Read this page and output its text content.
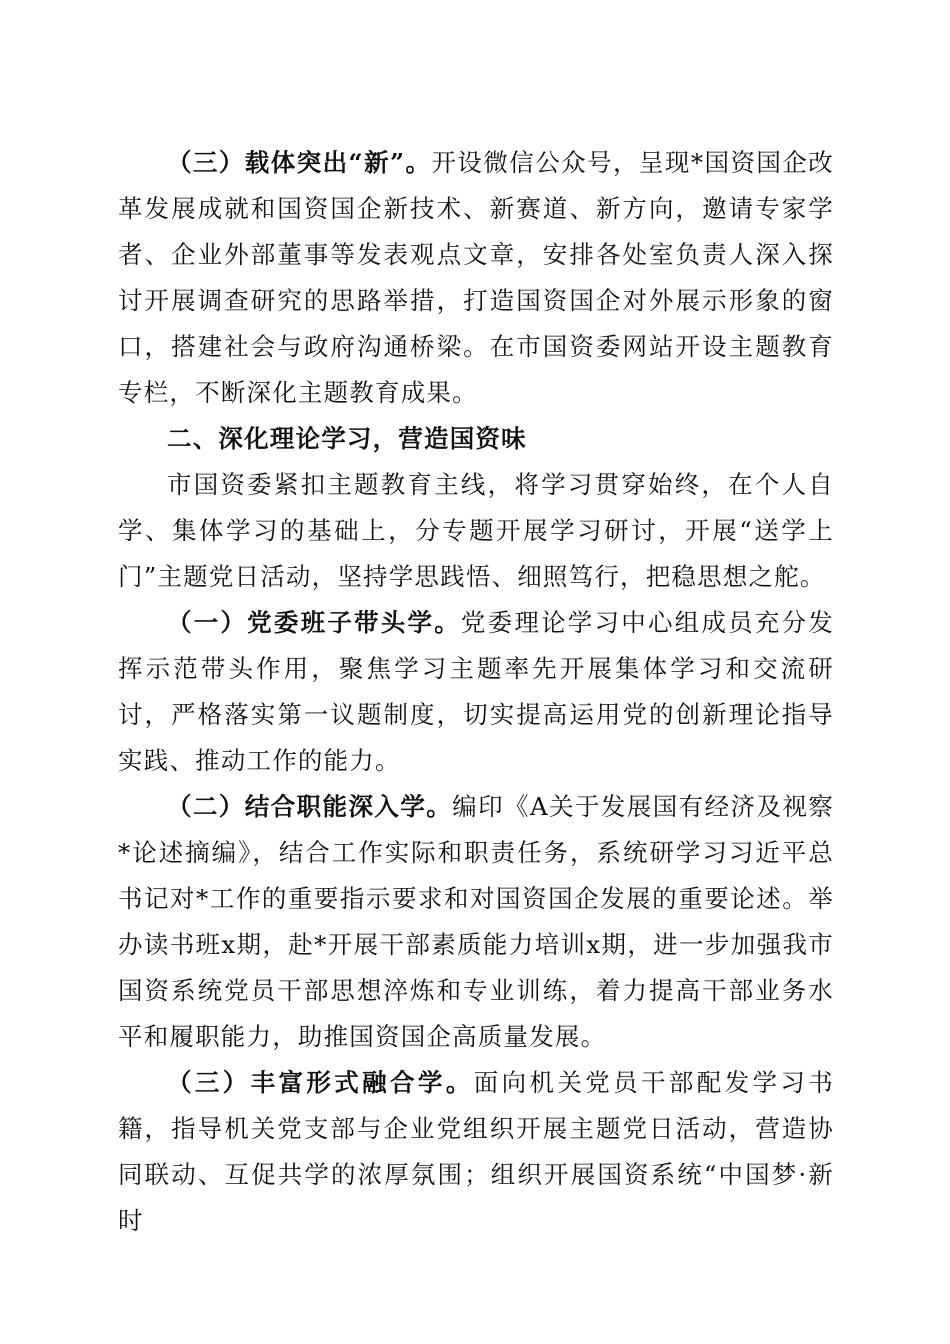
（三）载体突出“新”。开设微信公众号，呈现*国资国企改革发展成就和国资国企新技术、新赛道、新方向，邀请专家学者、企业外部董事等发表观点文章，安排各处室负责人深入探讨开展调查研究的思路举措，打造国资国企对外展示形象的窗口，搭建社会与政府沟通桥梁。在市国资委网站开设主题教育专栏，不断深化主题教育成果。

二、深化理论学习，营造国资味

市国资委紧扣主题教育主线，将学习贯穿始终，在个人自学、集体学习的基础上，分专题开展学习研讨，开展“送学上门”主题党日活动，坚持学思践悟、细照笃行，把稳思想之舵。

（一）党委班子带头学。党委理论学习中心组成员充分发挥示范带头作用，聚焦学习主题率先开展集体学习和交流研讨，严格落实第一议题制度，切实提高运用党的创新理论指导实践、推动工作的能力。

（二）结合职能深入学。编印《A关于发展国有经济及视察*论述摘编》，结合工作实际和职责任务，系统研学习习近平总书记对*工作的重要指示要求和对国资国企发展的重要论述。举办读书班x期，赴*开展干部素质能力培训x期，进一步加强我市国资系统党员干部思想淬炼和专业训练，着力提高干部业务水平和履职能力，助推国资国企高质量发展。

（三）丰富形式融合学。面向机关党员干部配发学习书籍，指导机关党支部与企业党组织开展主题党日活动，营造协同联动、互促共学的浓厚氛围；组织开展国资系统“中国梦·新时
